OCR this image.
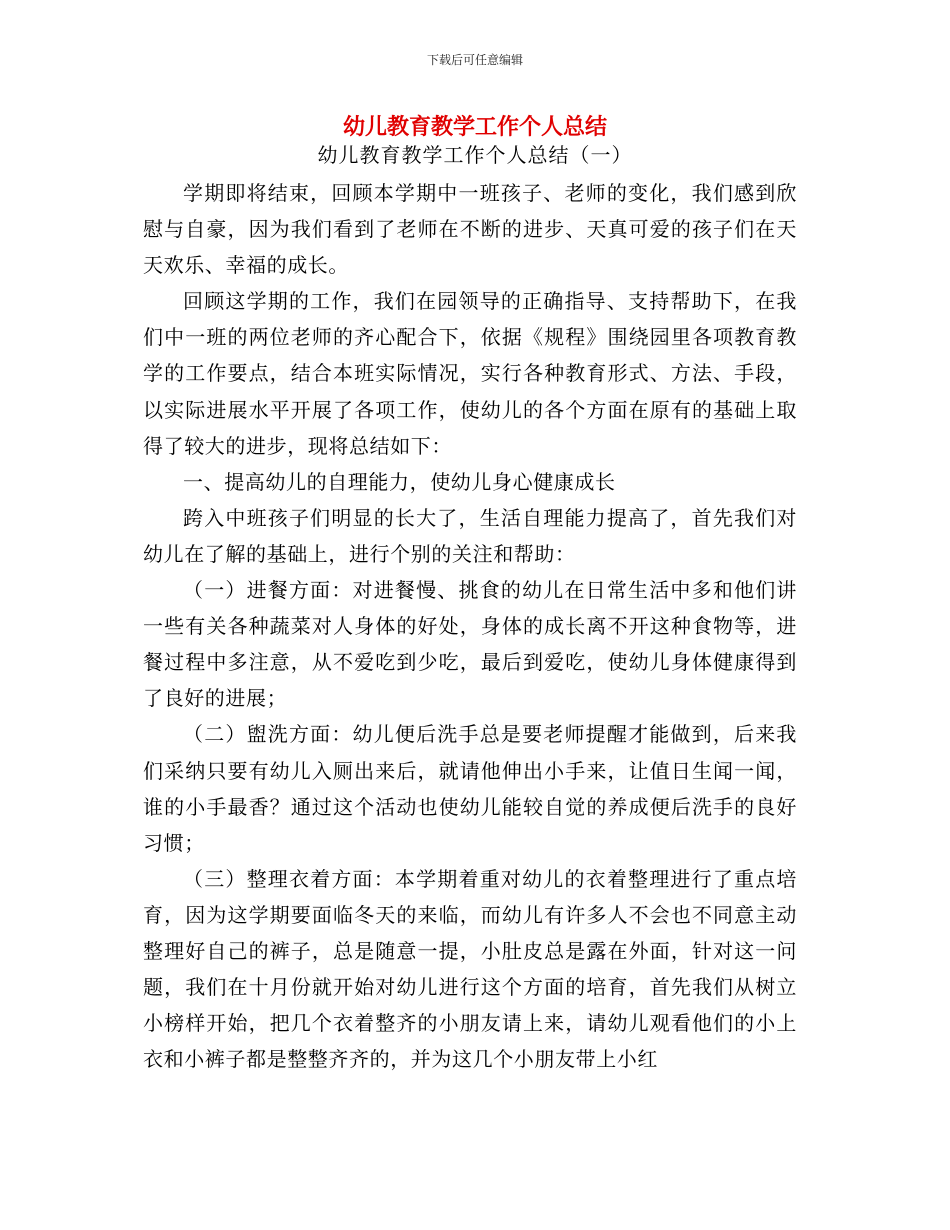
下载后可任意编辑
幼儿教育教学工作个人总结
幼儿教育教学工作个人总结（一）

学期即将结束，回顾本学期中一班孩子、老师的变化，我们感到欣慰与自豪，因为我们看到了老师在不断的进步、天真可爱的孩子们在天天欢乐、幸福的成长。

回顾这学期的工作，我们在园领导的正确指导、支持帮助下，在我们中一班的两位老师的齐心配合下，依据《规程》围绕园里各项教育教学的工作要点，结合本班实际情况，实行各种教育形式、方法、手段，以实际进展水平开展了各项工作，使幼儿的各个方面在原有的基础上取得了较大的进步，现将总结如下：

一、提高幼儿的自理能力，使幼儿身心健康成长

跨入中班孩子们明显的长大了，生活自理能力提高了，首先我们对幼儿在了解的基础上，进行个别的关注和帮助：

（一）进餐方面：对进餐慢、挑食的幼儿在日常生活中多和他们讲一些有关各种蔬菜对人身体的好处，身体的成长离不开这种食物等，进餐过程中多注意，从不爱吃到少吃，最后到爱吃，使幼儿身体健康得到了良好的进展；

（二）盥洗方面：幼儿便后洗手总是要老师提醒才能做到，后来我们采纳只要有幼儿入厕出来后，就请他伸出小手来，让值日生闻一闻，谁的小手最香？通过这个活动也使幼儿能较自觉的养成便后洗手的良好习惯；

（三）整理衣着方面：本学期着重对幼儿的衣着整理进行了重点培育，因为这学期要面临冬天的来临，而幼儿有许多人不会也不同意主动整理好自己的裤子，总是随意一提，小肚皮总是露在外面，针对这一问题，我们在十月份就开始对幼儿进行这个方面的培育，首先我们从树立小榜样开始，把几个衣着整齐的小朋友请上来，请幼儿观看他们的小上衣和小裤子都是整整齐齐的，并为这几个小朋友带上小红
